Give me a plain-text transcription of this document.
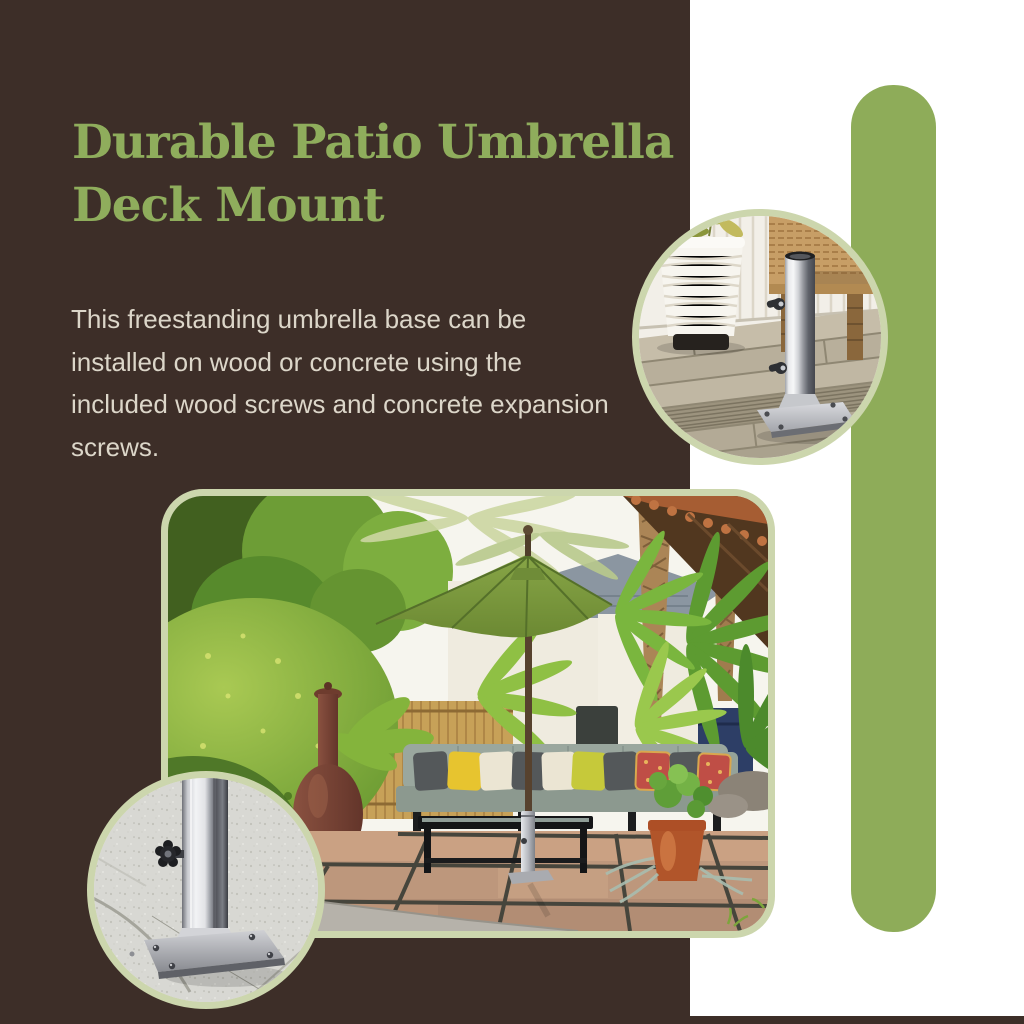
Durable Patio Umbrella
Deck Mount

This freestanding umbrella base can be installed on wood or concrete using the included wood screws and concrete expansion screws.
